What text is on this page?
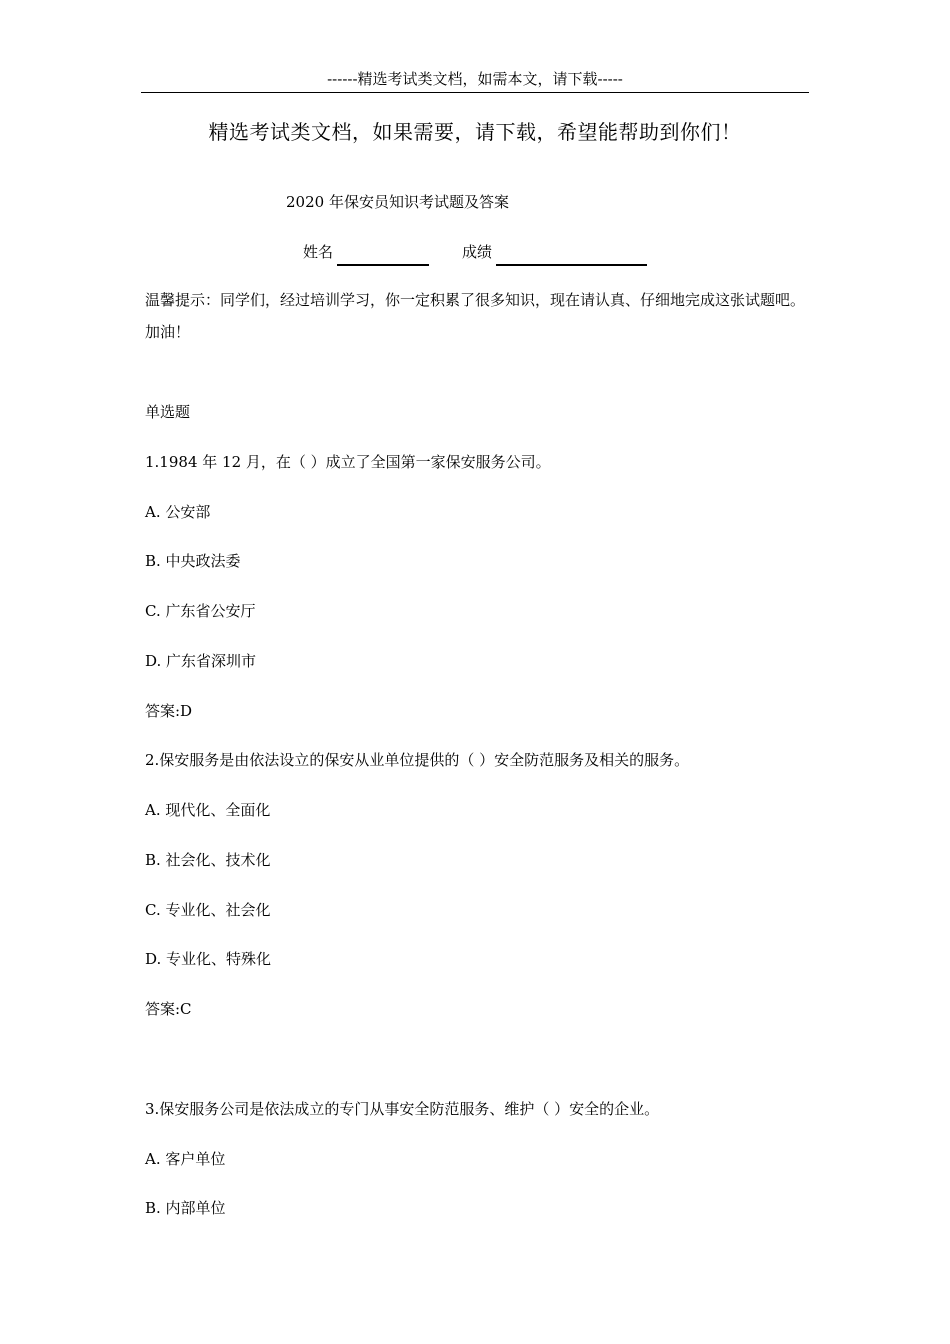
------精选考试类文档，如需本文，请下载-----
精选考试类文档，如果需要，请下载，希望能帮助到你们！
2020 年保安员知识考试题及答案
姓名	成绩
温馨提示：同学们，经过培训学习，你一定积累了很多知识，现在请认真、仔细地完成这张试题吧。加油！
单选题
1.1984 年 12 月，在（ ）成立了全国第一家保安服务公司。
A. 公安部
B. 中央政法委
C. 广东省公安厅
D. 广东省深圳市
答案:D
2.保安服务是由依法设立的保安从业单位提供的（ ）安全防范服务及相关的服务。
A. 现代化、全面化
B. 社会化、技术化
C. 专业化、社会化
D. 专业化、特殊化
答案:C
3.保安服务公司是依法成立的专门从事安全防范服务、维护（ ）安全的企业。
A. 客户单位
B. 内部单位
